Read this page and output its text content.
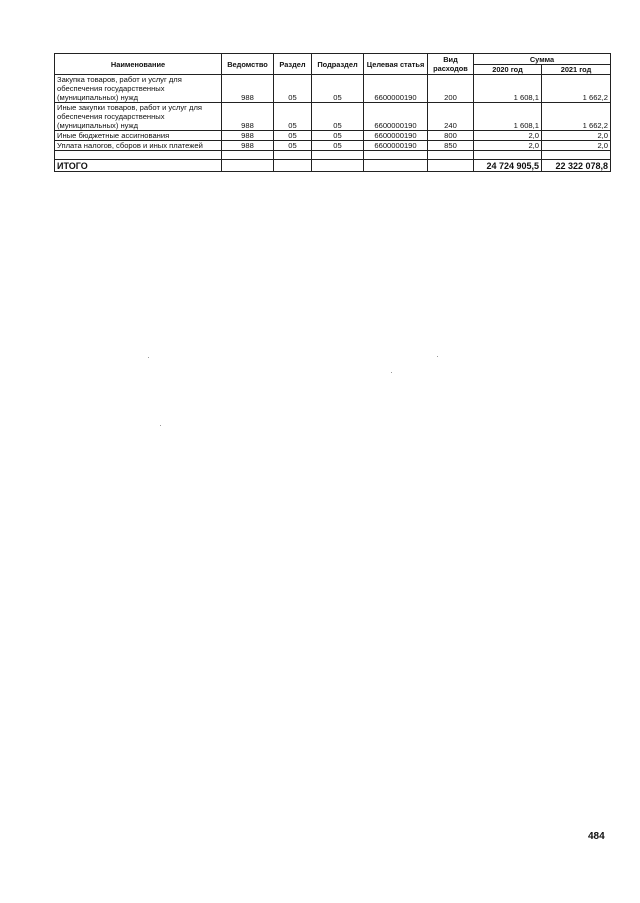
Наименование	Ведомство	Раздел	Подраздел	Целевая статья	Вид расходов	Сумма	
						2020 год	2021 год
Закупка товаров, работ и услуг для обеспечения государственных (муниципальных) нужд	988	05	05	6600000190	200	1 608,1	1 662,2
Иные закупки товаров, работ и услуг для обеспечения государственных (муниципальных) нужд	988	05	05	6600000190	240	1 608,1	1 662,2
Иные бюджетные ассигнования	988	05	05	6600000190	800	2,0	2,0
Уплата налогов, сборов и иных платежей	988	05	05	6600000190	850	2,0	2,0

ИТОГО						24 724 905,5	22 322 078,8
484
